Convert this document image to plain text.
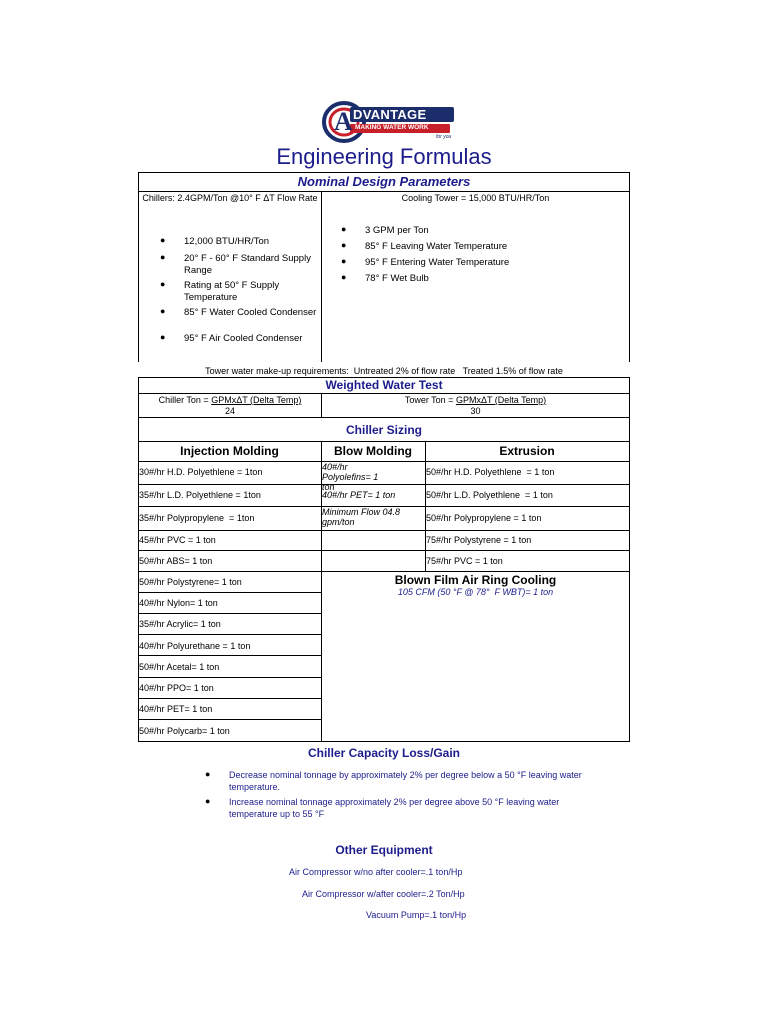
A DVANTAGE
MAKING WATER WORK
for you
Engineering Formulas
Nominal Design Parameters
Chillers: 2.4GPM/Ton @10° F ΔT Flow Rate
● 12,000 BTU/HR/Ton
● 20° F - 60° F Standard Supply Range
● Rating at 50° F Supply Temperature
● 85° F Water Cooled Condenser
● 95° F Air Cooled Condenser
Cooling Tower = 15,000 BTU/HR/Ton
● 3 GPM per Ton
● 85° F Leaving Water Temperature
● 95° F Entering Water Temperature
● 78° F Wet Bulb
Tower water make-up requirements:  Untreated 2% of flow rate   Treated 1.5% of flow rate
Weighted Water Test
Chiller Ton = GPMxΔT (Delta Temp)
24
Tower Ton = GPMxΔT (Delta Temp)
30
Chiller Sizing
Injection Molding	Blow Molding	Extrusion
30#/hr H.D. Polyethlene = 1ton
35#/hr L.D. Polyethlene = 1ton
35#/hr Polypropylene  = 1ton
45#/hr PVC = 1 ton
50#/hr ABS= 1 ton
50#/hr Polystyrene= 1 ton
40#/hr Nylon= 1 ton
35#/hr Acrylic= 1 ton
40#/hr Polyurethane = 1 ton
50#/hr Acetal= 1 ton
40#/hr PPO= 1 ton
40#/hr PET= 1 ton
50#/hr Polycarb= 1 ton
40#/hr Polyolefins= 1 ton
40#/hr PET= 1 ton
Minimum Flow 04.8 gpm/ton
50#/hr H.D. Polyethlene  = 1 ton
50#/hr L.D. Polyethlene  = 1 ton
50#/hr Polypropylene = 1 ton
75#/hr Polystyrene = 1 ton
75#/hr PVC = 1 ton
Blown Film Air Ring Cooling
105 CFM (50 °F @ 78°  F WBT)= 1 ton
Chiller Capacity Loss/Gain
● Decrease nominal tonnage by approximately 2% per degree below a 50 °F leaving water temperature.
● Increase nominal tonnage approximately 2% per degree above 50 °F leaving water temperature up to 55 °F
Other Equipment
Air Compressor w/no after cooler=.1 ton/Hp
Air Compressor w/after cooler=.2 Ton/Hp
Vacuum Pump=.1 ton/Hp
